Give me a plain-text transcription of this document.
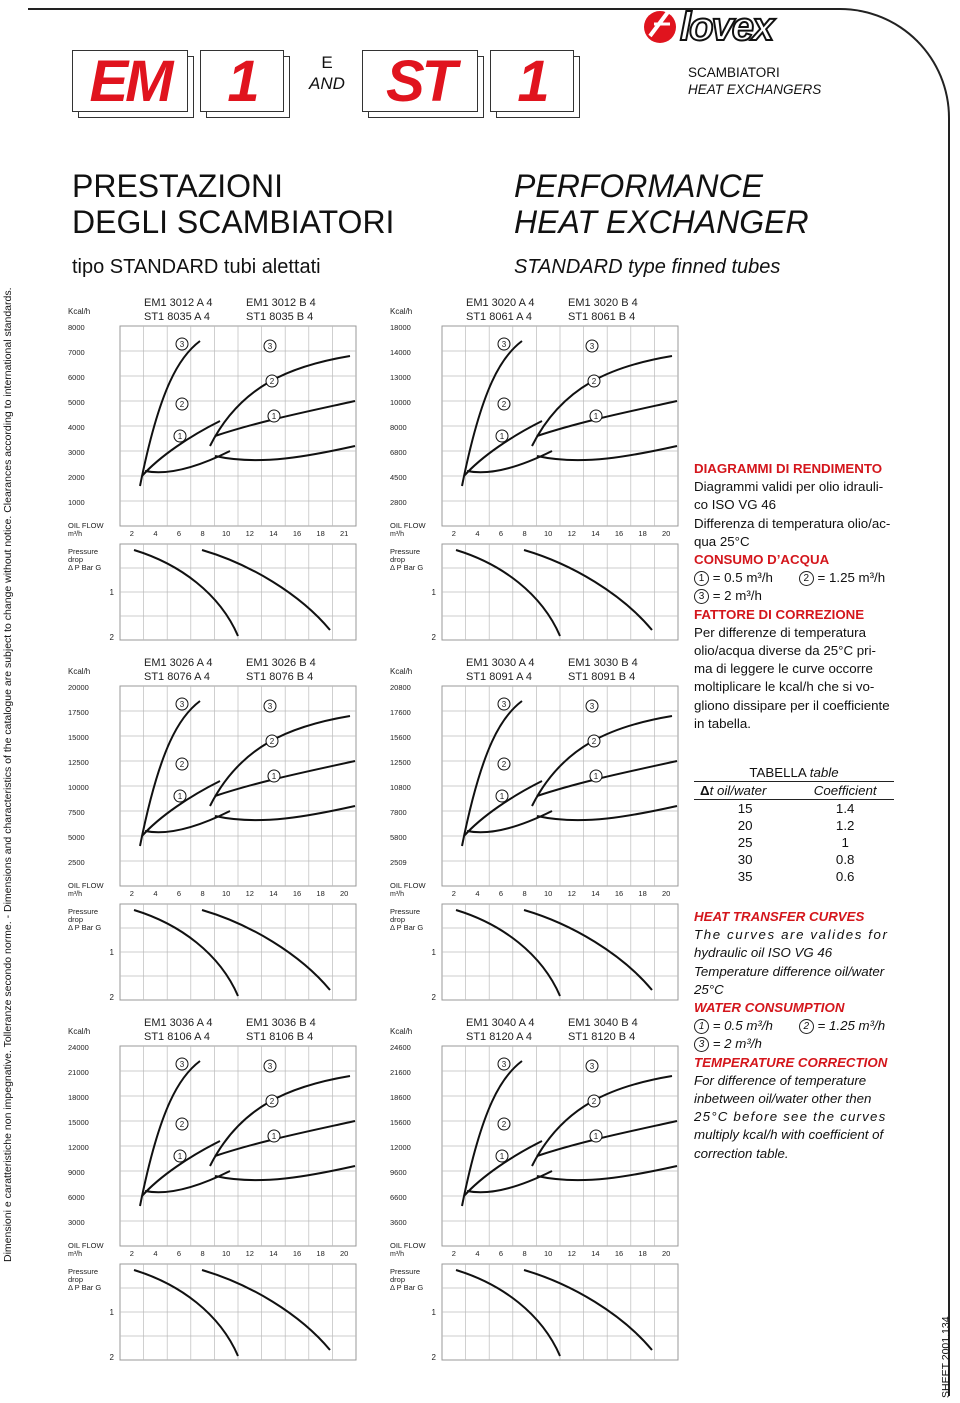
lovex
EM 1	E
AND ST 1	SCAMBIATORI
HEAT EXCHANGERS
PRESTAZIONI
DEGLI SCAMBIATORI
PERFORMANCE
HEAT EXCHANGER
tipo STANDARD tubi alettati	STANDARD type finned tubes
Dimensioni e caratteristiche non impegnative. Tolleranze secondo norme. - Dimensions and characteristics of the catalogue are subject to change without notice. Clearances according to international standards.
SHEET 2001.134
EM1 3012 A 4
ST1 8035 A 4
EM1 3012 B 4
ST1 8035 B 4
Kcal/h
8000
7000
6000
5000
4000
3000
2000
1000
2	4	6	8 10 12 14 16 18 21
OIL FLOW
m³/h
3
2
1
3
2
1
Pressure
drop
Δ P Bar G
1
2
EM1 3020 A 4
ST1 8061 A 4
EM1 3020 B 4
ST1 8061 B 4
Kcal/h
18000
14000
13000
10000
8000
6800
4500
2800
2	4	6	8 10 12 14 16 18 20
OIL FLOW
m³/h
3
2
1
3
2
1
Pressure
drop
Δ P Bar G
1
2
EM1 3026 A 4
ST1 8076 A 4
EM1 3026 B 4
ST1 8076 B 4
Kcal/h
20000
17500
15000
12500
10000
7500
5000
2500
2	4	6	8 10 12 14 16 18 20
OIL FLOW
m³/h
3
2
1
3
2
1
Pressure
drop
Δ P Bar G
1
2
EM1 3030 A 4
ST1 8091 A 4
EM1 3030 B 4
ST1 8091 B 4
Kcal/h
20800
17600
15600
12500
10800
7800
5800
2509
2	4	6	8 10 12 14 16 18 20
OIL FLOW
m³/h
3
2
1
3
2
1
Pressure
drop
Δ P Bar G
1
2
EM1 3036 A 4
ST1 8106 A 4
EM1 3036 B 4
ST1 8106 B 4
Kcal/h
24000
21000
18000
15000
12000
9000
6000
3000
2	4	6	8 10 12 14 16 18 20
OIL FLOW
m³/h
3
2
1
3
2
1
Pressure
drop
Δ P Bar G
1
2
EM1 3040 A 4
ST1 8120 A 4
EM1 3040 B 4
ST1 8120 B 4
Kcal/h
24600
21600
18600
15600
12000
9600
6600
3600
2	4	6	8 10 12 14 16 18 20
OIL FLOW
m³/h
3
2
1
3
2
1
Pressure
drop
Δ P Bar G
1
2
DIAGRAMMI DI RENDIMENTO
Diagrammi validi per olio idrauli-
co ISO VG 46
Differenza di temperatura olio/ac-
qua 25°C
CONSUMO D’ACQUA
1 = 0.5 m³/h	2 = 1.25 m³/h
3 = 2 m³/h
FATTORE DI CORREZIONE
Per differenze di temperatura
olio/acqua diverse da 25°C pri-
ma di leggere le curve occorre
moltiplicare le kcal/h che si vo-
gliono dissipare per il coefficiente
in tabella.
TABELLA table	
Δt oil/water	Coefficient
15	1.4
20	1.2
25	1
30	0.8
35	0.6
HEAT TRANSFER CURVES
The curves are valides for
hydraulic oil ISO VG 46
Temperature difference oil/water
25°C
WATER CONSUMPTION
1 = 0.5 m³/h	2 = 1.25 m³/h
3 = 2 m³/h
TEMPERATURE CORRECTION
For difference of temperature
inbetween oil/water other then
25°C before see the curves
multiply kcal/h with coefficient of
correction table.
